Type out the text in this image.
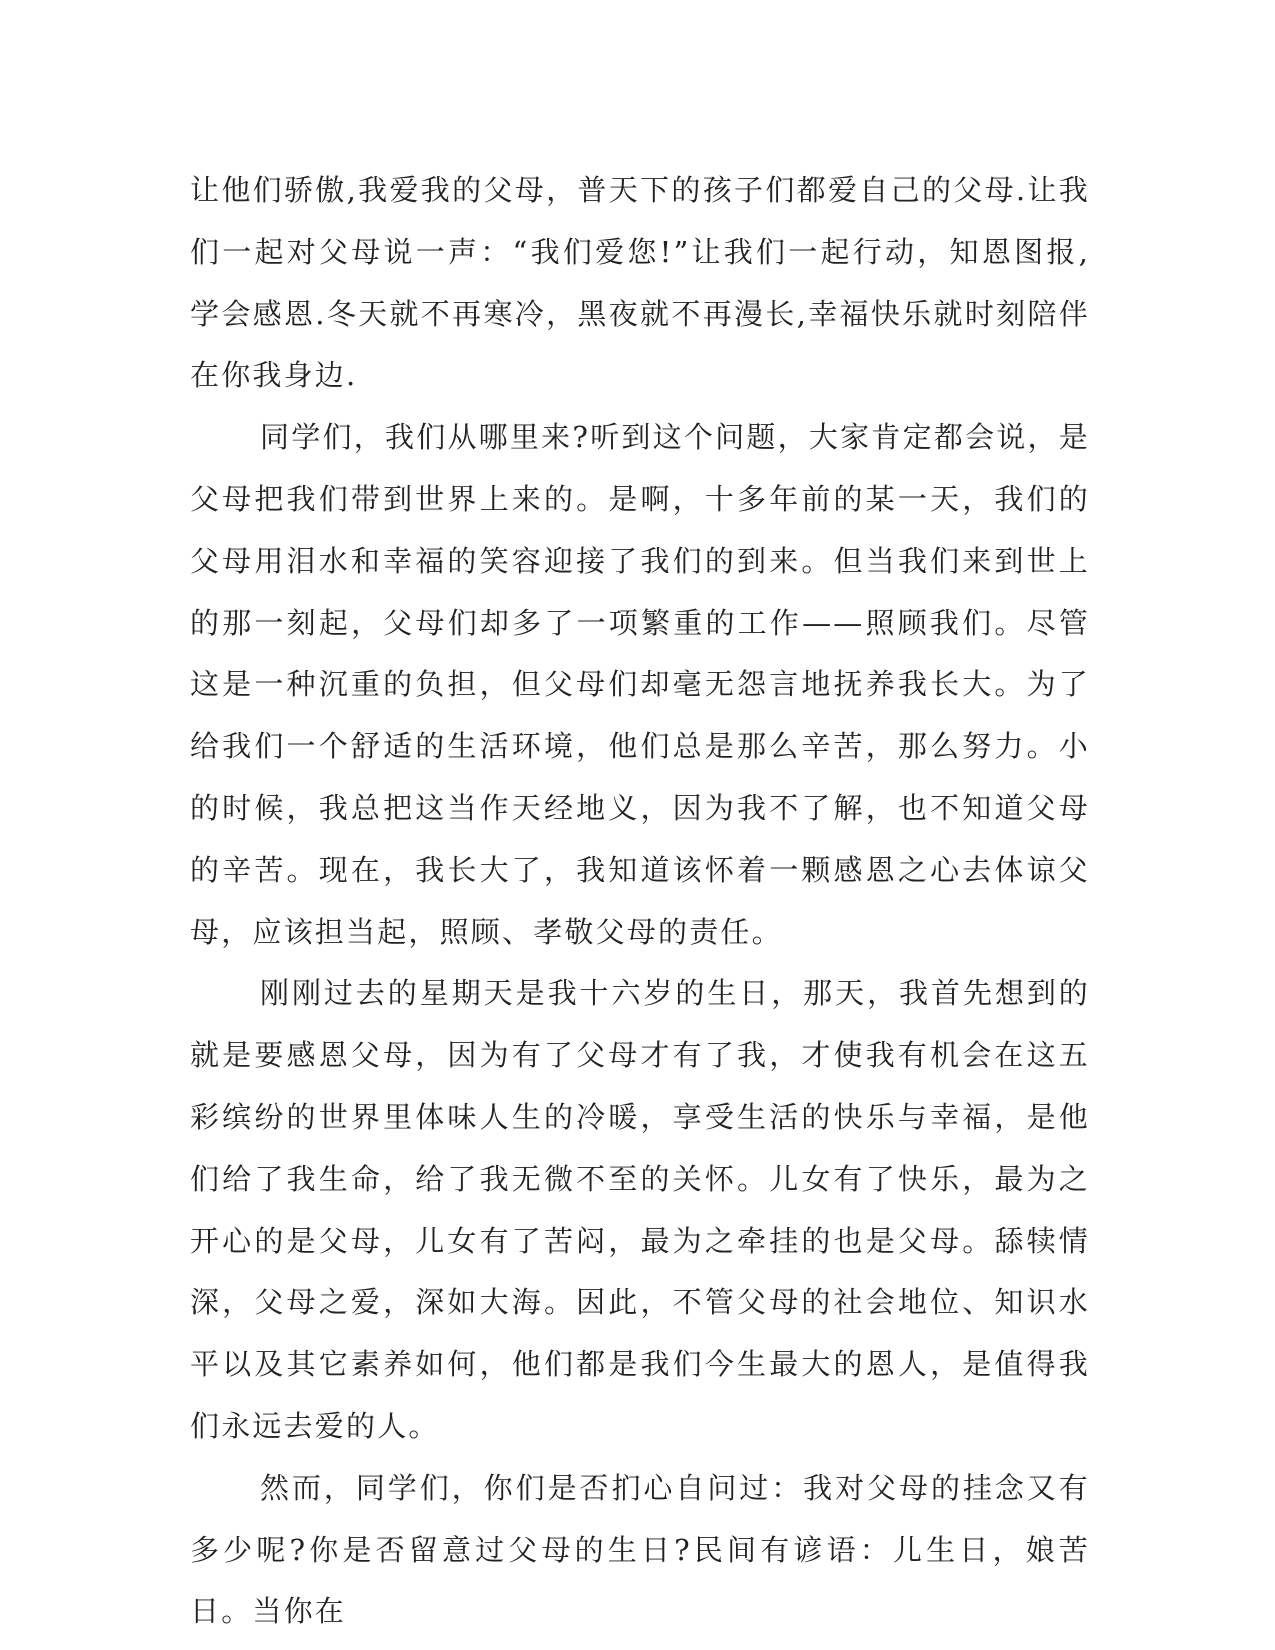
让他们骄傲,我爱我的父母，普天下的孩子们都爱自己的父母.让我们一起对父母说一声：“我们爱您!”让我们一起行动，知恩图报,学会感恩.冬天就不再寒冷，黑夜就不再漫长,幸福快乐就时刻陪伴在你我身边.

同学们，我们从哪里来?听到这个问题，大家肯定都会说，是父母把我们带到世界上来的。是啊，十多年前的某一天，我们的父母用泪水和幸福的笑容迎接了我们的到来。但当我们来到世上的那一刻起，父母们却多了一项繁重的工作——照顾我们。尽管这是一种沉重的负担，但父母们却毫无怨言地抚养我长大。为了给我们一个舒适的生活环境，他们总是那么辛苦，那么努力。小的时候，我总把这当作天经地义，因为我不了解，也不知道父母的辛苦。现在，我长大了，我知道该怀着一颗感恩之心去体谅父母，应该担当起，照顾、孝敬父母的责任。

刚刚过去的星期天是我十六岁的生日，那天，我首先想到的就是要感恩父母，因为有了父母才有了我，才使我有机会在这五彩缤纷的世界里体味人生的冷暖，享受生活的快乐与幸福，是他们给了我生命，给了我无微不至的关怀。儿女有了快乐，最为之开心的是父母，儿女有了苦闷，最为之牵挂的也是父母。舔犊情深，父母之爱，深如大海。因此，不管父母的社会地位、知识水平以及其它素养如何，他们都是我们今生最大的恩人，是值得我们永远去爱的人。

然而，同学们，你们是否扪心自问过：我对父母的挂念又有多少呢?你是否留意过父母的生日?民间有谚语：儿生日，娘苦日。当你在
